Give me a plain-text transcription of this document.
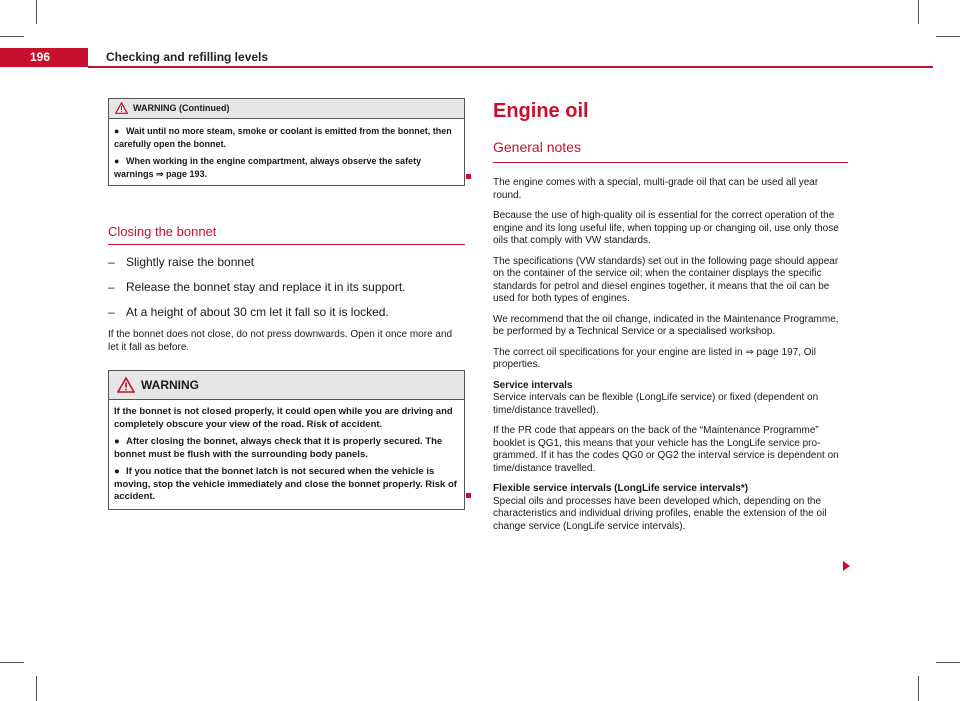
196	Checking and refilling levels
WARNING (Continued)

● Wait until no more steam, smoke or coolant is emitted from the bonnet, then carefully open the bonnet.

● When working in the engine compartment, always observe the safety warnings ⇒ page 193.

Closing the bonnet
– Slightly raise the bonnet
– Release the bonnet stay and replace it in its support.
– At a height of about 30 cm let it fall so it is locked.
If the bonnet does not close, do not press downwards. Open it once more and let it fall as before.
WARNING

If the bonnet is not closed properly, it could open while you are driving and completely obscure your view of the road. Risk of accident.

● After closing the bonnet, always check that it is properly secured. The bonnet must be flush with the surrounding body panels.

● If you notice that the bonnet latch is not secured when the vehicle is moving, stop the vehicle immediately and close the bonnet properly. Risk of accident.

Engine oil
General notes

The engine comes with a special, multi-grade oil that can be used all year round.

Because the use of high-quality oil is essential for the correct operation of the engine and its long useful life, when topping up or changing oil, use only those oils that comply with VW standards.

The specifications (VW standards) set out in the following page should appear on the container of the service oil; when the container displays the specific standards for petrol and diesel engines together, it means that the oil can be used for both types of engines.

We recommend that the oil change, indicated in the Maintenance Programme, be performed by a Technical Service or a specialised workshop.

The correct oil specifications for your engine are listed in ⇒ page 197, Oil properties.

Service intervals

Service intervals can be flexible (LongLife service) or fixed (dependent on time/distance travelled).

If the PR code that appears on the back of the “Maintenance Programme” booklet is QG1, this means that your vehicle has the LongLife service programmed. If it has the codes QG0 or QG2 the interval service is dependent on time/distance travelled.

Flexible service intervals (LongLife service intervals*)

Special oils and processes have been developed which, depending on the characteristics and individual driving profiles, enable the extension of the oil change service (LongLife service intervals).
